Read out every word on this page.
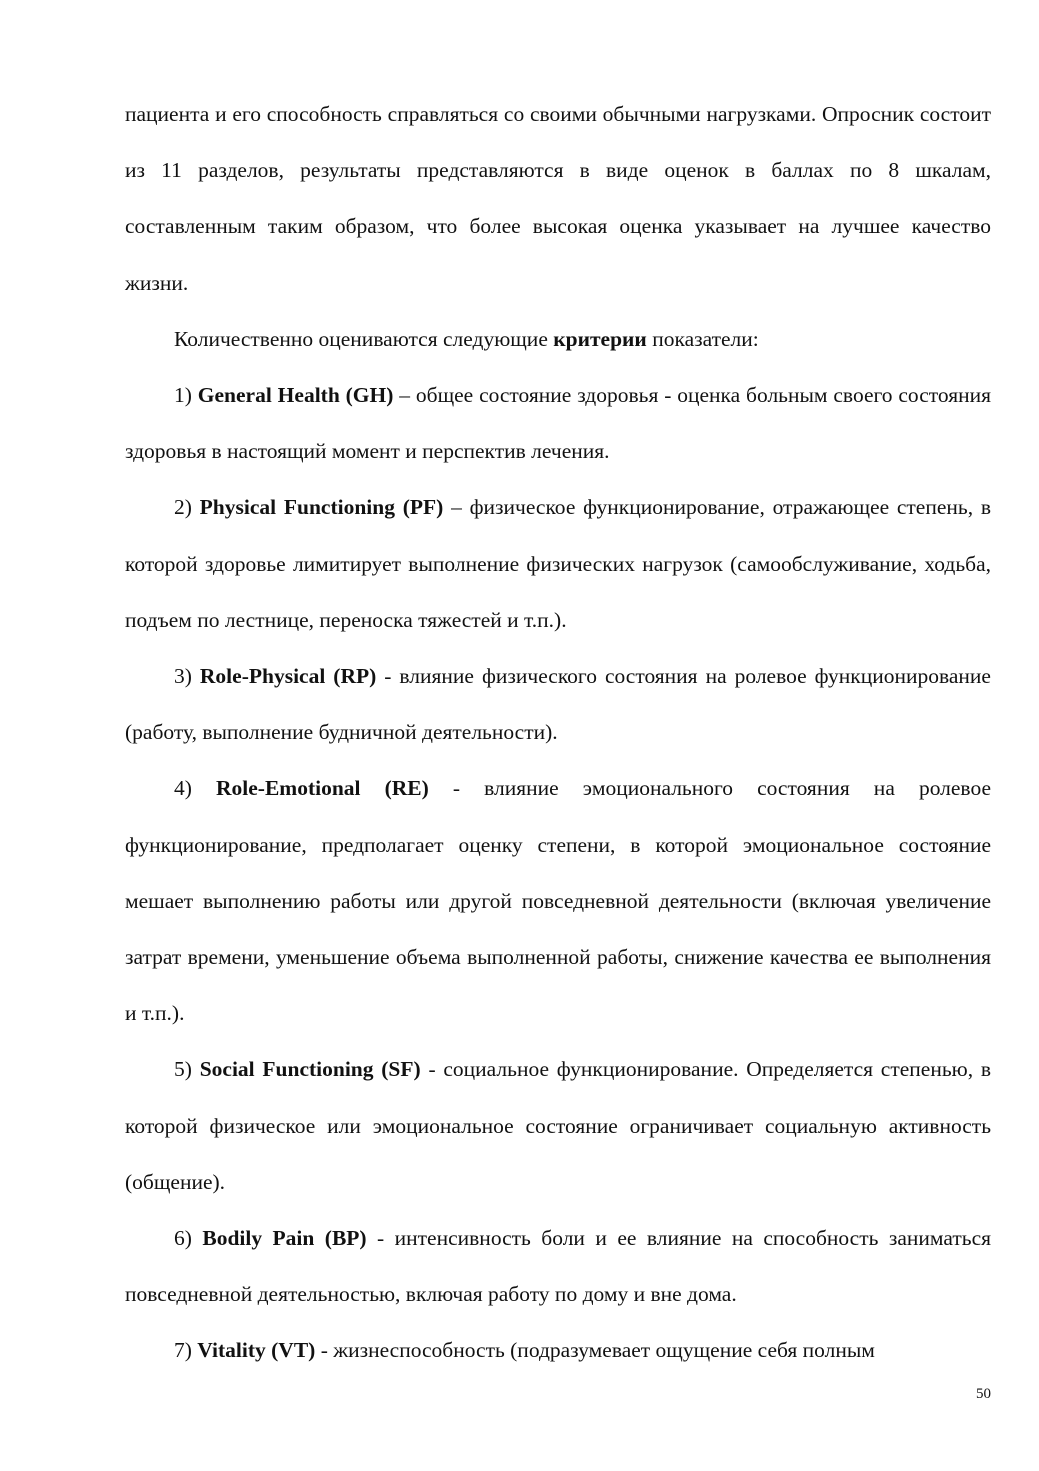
пациента и его способность справляться со своими обычными нагрузками. Опросник состоит из 11 разделов, результаты представляются в виде оценок в баллах по 8 шкалам, составленным таким образом, что более высокая оценка указывает на лучшее качество жизни.

Количественно оцениваются следующие критерии показатели:

1) General Health (GH) – общее состояние здоровья - оценка больным своего состояния здоровья в настоящий момент и перспектив лечения.

2) Physical Functioning (PF) – физическое функционирование, отражающее степень, в которой здоровье лимитирует выполнение физических нагрузок (самообслуживание, ходьба, подъем по лестнице, переноска тяжестей и т.п.).

3) Role-Physical (RP) - влияние физического состояния на ролевое функционирование (работу, выполнение будничной деятельности).

4) Role-Emotional (RE) - влияние эмоционального состояния на ролевое функционирование, предполагает оценку степени, в которой эмоциональное состояние мешает выполнению работы или другой повседневной деятельности (включая увеличение затрат времени, уменьшение объема выполненной работы, снижение качества ее выполнения и т.п.).

5) Social Functioning (SF) - социальное функционирование. Определяется степенью, в которой физическое или эмоциональное состояние ограничивает социальную активность (общение).

6) Bodily Pain (BP) - интенсивность боли и ее влияние на способность заниматься повседневной деятельностью, включая работу по дому и вне дома.

7) Vitality (VT) - жизнеспособность (подразумевает ощущение себя полным

50
